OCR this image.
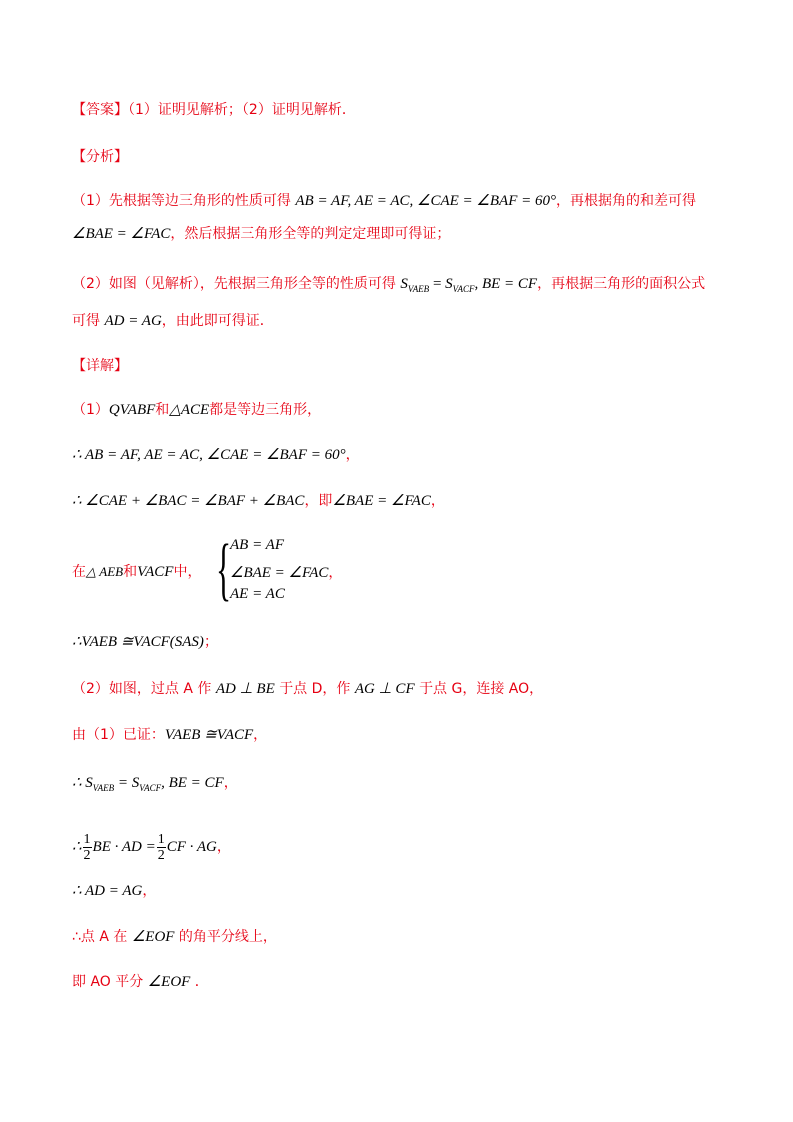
【答案】（1）证明见解析；（2）证明见解析．
【分析】
（1）先根据等边三角形的性质可得 AB = AF, AE = AC, ∠CAE = ∠BAF = 60°，再根据角的和差可得
∠BAE = ∠FAC，然后根据三角形全等的判定定理即可得证；
（2）如图（见解析），先根据三角形全等的性质可得 $S_{VAEB} = S_{VACF}$, BE = CF，再根据三角形的面积公式
可得 AD = AG，由此即可得证．
【详解】
（1）QVABF和△ACE都是等边三角形，
∴ AB = AF, AE = AC, ∠CAE = ∠BAF = 60°，
∴ ∠CAE + ∠BAC = ∠BAF + ∠BAC，即∠BAE = ∠FAC，
在△ AEB和VACF中， {
AB = AF
∠BAE = ∠FAC，
AE = AC
∴VAEB ≅VACF(SAS)；
（2）如图，过点 A 作 AD ⊥ BE 于点 D，作 AG ⊥ CF 于点 G，连接 AO，
由（1）已证：VAEB ≅VACF，
∴ $S_{VAEB} = S_{VACF}$, BE = CF，
∴ $\frac{1}{2}$ BE · AD = $\frac{1}{2}$ CF · AG，
∴ AD = AG，
∴点 A 在 ∠EOF 的角平分线上，
即 AO 平分 ∠EOF ．
